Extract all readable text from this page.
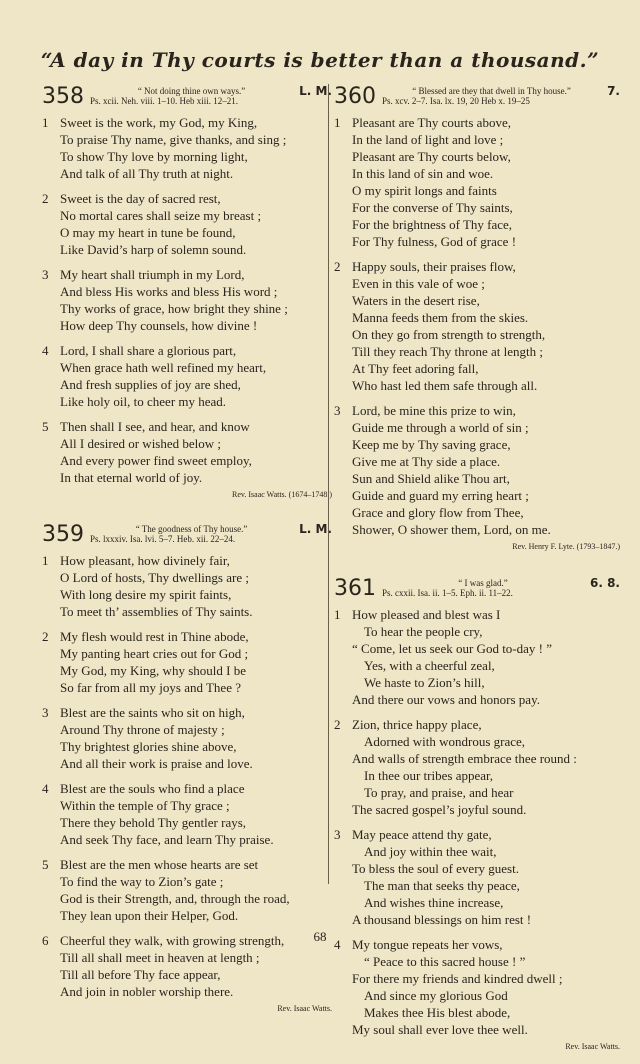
“A day in Thy courts is better than a thousand.”
358	“ Not doing thine own ways.”
Ps. xcii. Neh. viii. 1–10. Heb xiii. 12–21.
L. M.
1 Sweet is the work, my God, my King,
To praise Thy name, give thanks, and sing ;
To show Thy love by morning light,
And talk of all Thy truth at night.
2 Sweet is the day of sacred rest,
No mortal cares shall seize my breast ;
O may my heart in tune be found,
Like David’s harp of solemn sound.
3 My heart shall triumph in my Lord,
And bless His works and bless His word ;
Thy works of grace, how bright they shine ;
How deep Thy counsels, how divine !
4 Lord, I shall share a glorious part,
When grace hath well refined my heart,
And fresh supplies of joy are shed,
Like holy oil, to cheer my head.
5 Then shall I see, and hear, and know
All I desired or wished below ;
And every power find sweet employ,
In that eternal world of joy.
Rev. Isaac Watts. (1674–1748.)
359	“ The goodness of Thy house.”
Ps. lxxxiv. Isa. lvi. 5–7. Heb. xii. 22–24.
L. M.
1 How pleasant, how divinely fair,
O Lord of hosts, Thy dwellings are ;
With long desire my spirit faints,
To meet th’ assemblies of Thy saints.
2 My flesh would rest in Thine abode,
My panting heart cries out for God ;
My God, my King, why should I be
So far from all my joys and Thee ?
3 Blest are the saints who sit on high,
Around Thy throne of majesty ;
Thy brightest glories shine above,
And all their work is praise and love.
4 Blest are the souls who find a place
Within the temple of Thy grace ;
There they behold Thy gentler rays,
And seek Thy face, and learn Thy praise.
5 Blest are the men whose hearts are set
To find the way to Zion’s gate ;
God is their Strength, and, through the road,
They lean upon their Helper, God.
6 Cheerful they walk, with growing strength,
Till all shall meet in heaven at length ;
Till all before Thy face appear,
And join in nobler worship there.
Rev. Isaac Watts.
360	“ Blessed are they that dwell in Thy house.”
Ps. xcv. 2–7. Isa. lx. 19, 20 Heb x. 19–25
7.
1 Pleasant are Thy courts above,
In the land of light and love ;
Pleasant are Thy courts below,
In this land of sin and woe.
O my spirit longs and faints
For the converse of Thy saints,
For the brightness of Thy face,
For Thy fulness, God of grace !
2 Happy souls, their praises flow,
Even in this vale of woe ;
Waters in the desert rise,
Manna feeds them from the skies.
On they go from strength to strength,
Till they reach Thy throne at length ;
At Thy feet adoring fall,
Who hast led them safe through all.
3 Lord, be mine this prize to win,
Guide me through a world of sin ;
Keep me by Thy saving grace,
Give me at Thy side a place.
Sun and Shield alike Thou art,
Guide and guard my erring heart ;
Grace and glory flow from Thee,
Shower, O shower them, Lord, on me.
Rev. Henry F. Lyte. (1793–1847.)
361	“ I was glad.”
Ps. cxxii. Isa. ii. 1–5. Eph. ii. 11–22.
6. 8.
1 How pleased and blest was I
To hear the people cry,
“ Come, let us seek our God to-day ! ”
Yes, with a cheerful zeal,
We haste to Zion’s hill,
And there our vows and honors pay.
2 Zion, thrice happy place,
Adorned with wondrous grace,
And walls of strength embrace thee round :
In thee our tribes appear,
To pray, and praise, and hear
The sacred gospel’s joyful sound.
3 May peace attend thy gate,
And joy within thee wait,
To bless the soul of every guest.
The man that seeks thy peace,
And wishes thine increase,
A thousand blessings on him rest !
4 My tongue repeats her vows,
“ Peace to this sacred house ! ”
For there my friends and kindred dwell ;
And since my glorious God
Makes thee His blest abode,
My soul shall ever love thee well.
Rev. Isaac Watts.
68
